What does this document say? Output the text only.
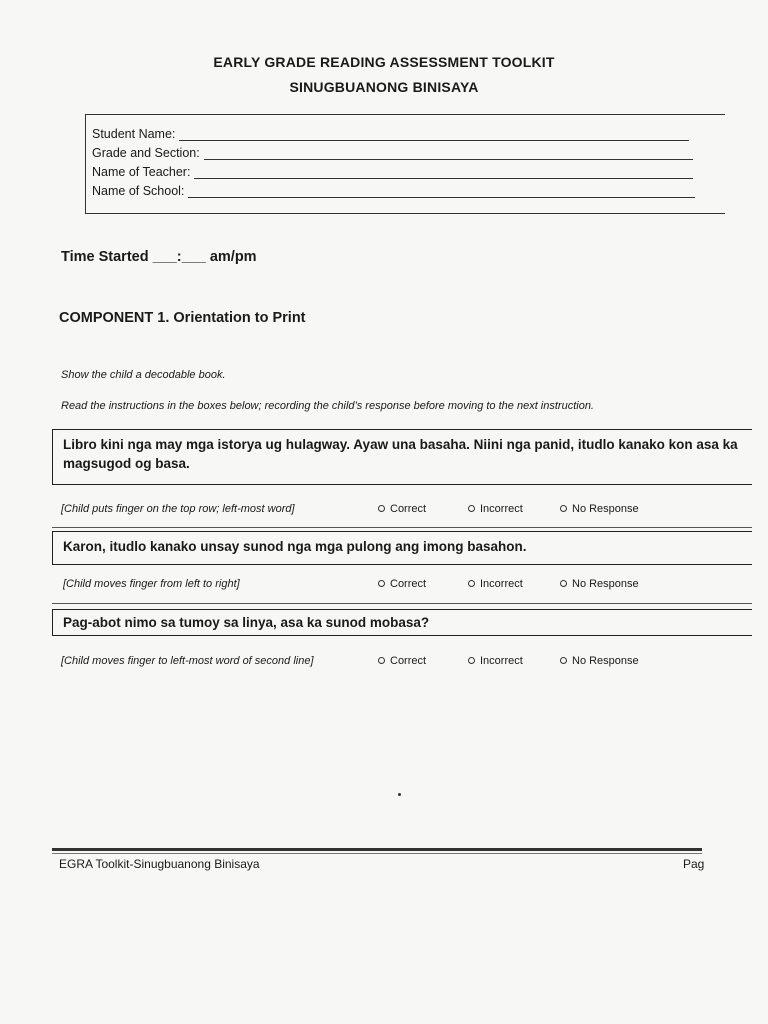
EARLY GRADE READING ASSESSMENT TOOLKIT
SINUGBUANONG BINISAYA
Student Name:
Grade and Section:
Name of Teacher:
Name of School:
Time Started ___:___ am/pm
COMPONENT 1. Orientation to Print
Show the child a decodable book.
Read the instructions in the boxes below; recording the child’s response before moving to the next instruction.
Libro kini nga may mga istorya ug hulagway. Ayaw una basaha. Niini nga panid, itudlo kanako kon asa ka magsugod og basa.
[Child puts finger on the top row; left-most word]	Correct	Incorrect	No Response
Karon, itudlo kanako unsay sunod nga mga pulong ang imong basahon.
[Child moves finger from left to right]	Correct	Incorrect	No Response
Pag-abot nimo sa tumoy sa linya, asa ka sunod mobasa?
[Child moves finger to left-most word of second line]	Correct	Incorrect	No Response
EGRA Toolkit-Sinugbuanong Binisaya	Pag
